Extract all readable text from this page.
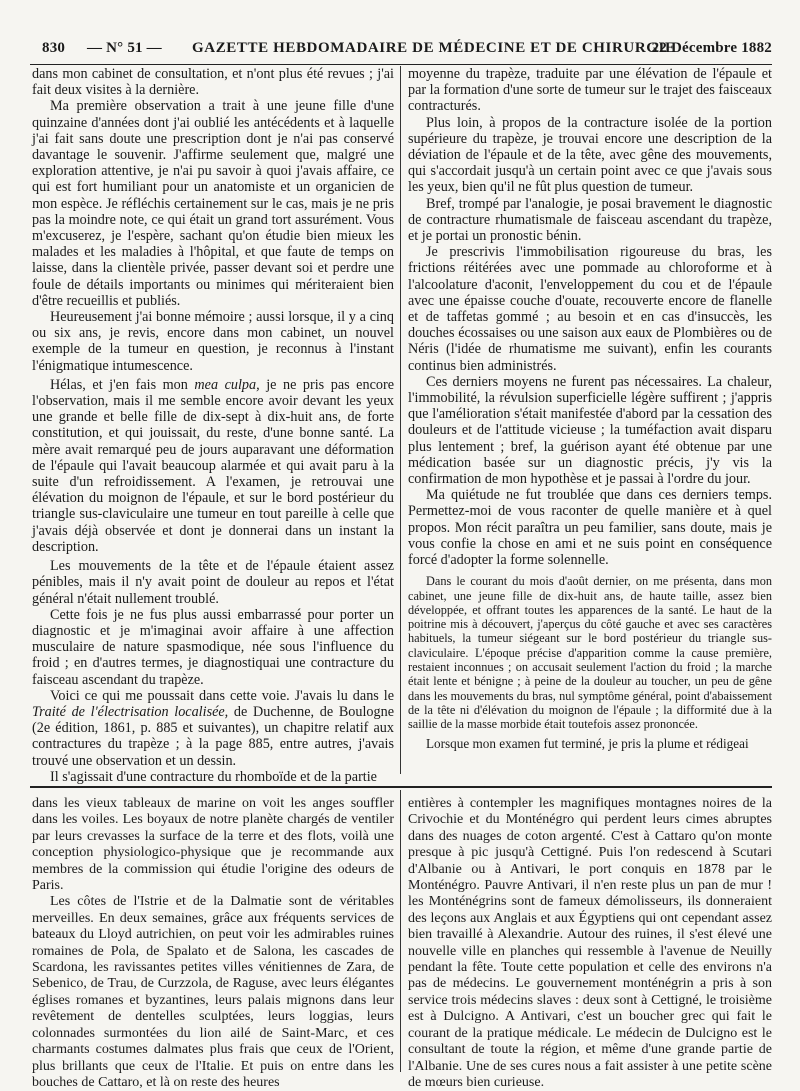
830 — N° 51 — GAZETTE HEBDOMADAIRE DE MÉDECINE ET DE CHIRURGIE
22 Décembre 1882

dans mon cabinet de consultation, et n'ont plus été revues ; j'ai fait deux visites à la dernière.

Ma première observation a trait à une jeune fille d'une quinzaine d'années dont j'ai oublié les antécédents et à laquelle j'ai fait sans doute une prescription dont je n'ai pas conservé davantage le souvenir. J'affirme seulement que, malgré une exploration attentive, je n'ai pu savoir à quoi j'avais affaire, ce qui est fort humiliant pour un anatomiste et un organicien de mon espèce. Je réfléchis certainement sur le cas, mais je ne pris pas la moindre note, ce qui était un grand tort assurément. Vous m'excuserez, je l'espère, sachant qu'on étudie bien mieux les malades et les maladies à l'hôpital, et que faute de temps on laisse, dans la clientèle privée, passer devant soi et perdre une foule de détails importants ou minimes qui mériteraient bien d'être recueillis et publiés.

Heureusement j'ai bonne mémoire ; aussi lorsque, il y a cinq ou six ans, je revis, encore dans mon cabinet, un nouvel exemple de la tumeur en question, je reconnus à l'instant l'énigmatique intumescence.

Hélas, et j'en fais mon mea culpa, je ne pris pas encore l'observation, mais il me semble encore avoir devant les yeux une grande et belle fille de dix-sept à dix-huit ans, de forte constitution, et qui jouissait, du reste, d'une bonne santé. La mère avait remarqué peu de jours auparavant une déformation de l'épaule qui l'avait beaucoup alarmée et qui avait paru à la suite d'un refroidissement. A l'examen, je retrouvai une élévation du moignon de l'épaule, et sur le bord postérieur du triangle sus-claviculaire une tumeur en tout pareille à celle que j'avais déjà observée et dont je donnerai dans un instant la description.

Les mouvements de la tête et de l'épaule étaient assez pénibles, mais il n'y avait point de douleur au repos et l'état général n'était nullement troublé.

Cette fois je ne fus plus aussi embarrassé pour porter un diagnostic et je m'imaginai avoir affaire à une affection musculaire de nature spasmodique, née sous l'influence du froid ; en d'autres termes, je diagnostiquai une contracture du faisceau ascendant du trapèze.

Voici ce qui me poussait dans cette voie. J'avais lu dans le Traité de l'électrisation localisée, de Duchenne, de Boulogne (2e édition, 1861, p. 885 et suivantes), un chapitre relatif aux contractures du trapèze ; à la page 885, entre autres, j'avais trouvé une observation et un dessin.

Il s'agissait d'une contracture du rhomboïde et de la partie

moyenne du trapèze, traduite par une élévation de l'épaule et par la formation d'une sorte de tumeur sur le trajet des faisceaux contracturés.

Plus loin, à propos de la contracture isolée de la portion supérieure du trapèze, je trouvai encore une description de la déviation de l'épaule et de la tête, avec gêne des mouvements, qui s'accordait jusqu'à un certain point avec ce que j'avais sous les yeux, bien qu'il ne fût plus question de tumeur.

Bref, trompé par l'analogie, je posai bravement le diagnostic de contracture rhumatismale de faisceau ascendant du trapèze, et je portai un pronostic bénin.

Je prescrivis l'immobilisation rigoureuse du bras, les frictions réitérées avec une pommade au chloroforme et à l'alcoolature d'aconit, l'enveloppement du cou et de l'épaule avec une épaisse couche d'ouate, recouverte encore de flanelle et de taffetas gommé ; au besoin et en cas d'insuccès, les douches écossaises ou une saison aux eaux de Plombières ou de Néris (l'idée de rhumatisme me suivant), enfin les courants continus bien administrés.

Ces derniers moyens ne furent pas nécessaires. La chaleur, l'immobilité, la révulsion superficielle légère suffirent ; j'appris que l'amélioration s'était manifestée d'abord par la cessation des douleurs et de l'attitude vicieuse ; la tuméfaction avait disparu plus lentement ; bref, la guérison ayant été obtenue par une médication basée sur un diagnostic précis, j'y vis la confirmation de mon hypothèse et je passai à l'ordre du jour.

Ma quiétude ne fut troublée que dans ces derniers temps. Permettez-moi de vous raconter de quelle manière et à quel propos. Mon récit paraîtra un peu familier, sans doute, mais je vous confie la chose en ami et ne suis point en conséquence forcé d'adopter la forme solennelle.

Dans le courant du mois d'août dernier, on me présenta, dans mon cabinet, une jeune fille de dix-huit ans, de haute taille, assez bien développée, et offrant toutes les apparences de la santé. Le haut de la poitrine mis à découvert, j'aperçus du côté gauche et avec ses caractères habituels, la tumeur siégeant sur le bord postérieur du triangle sus-claviculaire. L'époque précise d'apparition comme la cause première, restaient inconnues ; on accusait seulement l'action du froid ; la marche était lente et bénigne ; à peine de la douleur au toucher, un peu de gêne dans les mouvements du bras, nul symptôme général, point d'abaissement de la tête ni d'élévation du moignon de l'épaule ; la difformité due à la saillie de la masse morbide était toutefois assez prononcée.

Lorsque mon examen fut terminé, je pris la plume et rédigeai

dans les vieux tableaux de marine on voit les anges souffler dans les voiles. Les boyaux de notre planète chargés de ventiler par leurs crevasses la surface de la terre et des flots, voilà une conception physiologico-physique que je recommande aux membres de la commission qui étudie l'origine des odeurs de Paris.

Les côtes de l'Istrie et de la Dalmatie sont de véritables merveilles. En deux semaines, grâce aux fréquents services de bateaux du Lloyd autrichien, on peut voir les admirables ruines romaines de Pola, de Spalato et de Salona, les cascades de Scardona, les ravissantes petites villes vénitiennes de Zara, de Sebenico, de Trau, de Curzzola, de Raguse, avec leurs élégantes églises romanes et byzantines, leurs palais mignons dans leur revêtement de dentelles sculptées, leurs loggias, leurs colonnades surmontées du lion ailé de Saint-Marc, et ces charmants costumes dalmates plus frais que ceux de l'Orient, plus brillants que ceux de l'Italie. Et puis on entre dans les bouches de Cattaro, et là on reste des heures

entières à contempler les magnifiques montagnes noires de la Crivochie et du Monténégro qui perdent leurs cimes abruptes dans des nuages de coton argenté. C'est à Cattaro qu'on monte presque à pic jusqu'à Cettigné. Puis l'on redescend à Scutari d'Albanie ou à Antivari, le port conquis en 1878 par le Monténégro. Pauvre Antivari, il n'en reste plus un pan de mur ! les Monténégrins sont de fameux démolisseurs, ils donneraient des leçons aux Anglais et aux Égyptiens qui ont cependant assez bien travaillé à Alexandrie. Autour des ruines, il s'est élevé une nouvelle ville en planches qui ressemble à l'avenue de Neuilly pendant la fête. Toute cette population et celle des environs n'a pas de médecins. Le gouvernement monténégrin a pris à son service trois médecins slaves : deux sont à Cettigné, le troisième est à Dulcigno. A Antivari, c'est un boucher grec qui fait le courant de la pratique médicale. Le médecin de Dulcigno est le consultant de toute la région, et même d'une grande partie de l'Albanie. Une de ses cures nous a fait assister à une petite scène de mœurs bien curieuse.
